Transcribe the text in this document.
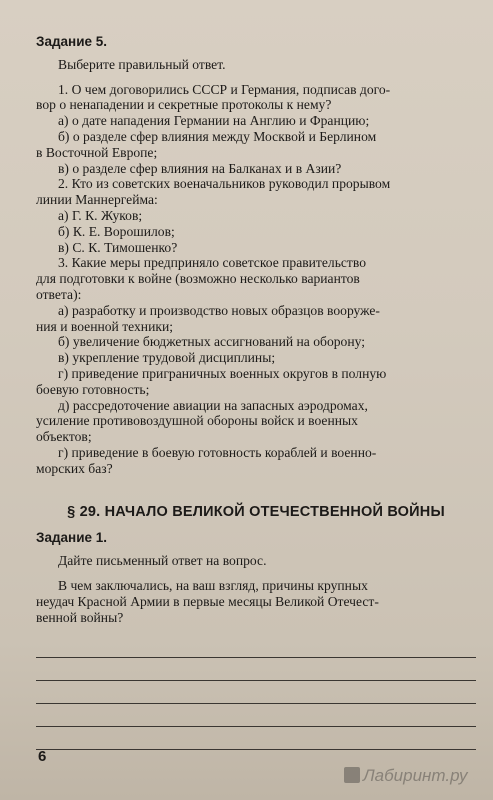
Задание 5.

Выберите правильный ответ.

1. О чем договорились СССР и Германия, подписав дого-

вор о ненападении и секретные протоколы к нему?

а) о дате нападения Германии на Англию и Францию;

б) о разделе сфер влияния между Москвой и Берлином

в Восточной Европе;

в) о разделе сфер влияния на Балканах и в Азии?

2. Кто из советских военачальников руководил прорывом

линии Маннергейма:

а) Г. К. Жуков;

б) К. Е. Ворошилов;

в) С. К. Тимошенко?

3. Какие меры предприняло советское правительство

для подготовки к войне (возможно несколько вариантов

ответа):

а) разработку и производство новых образцов вооруже-

ния и военной техники;

б) увеличение бюджетных ассигнований на оборону;

в) укрепление трудовой дисциплины;

г) приведение приграничных военных округов в полную

боевую готовность;

д) рассредоточение авиации на запасных аэродромах,

усиление противовоздушной обороны войск и военных

объектов;

г) приведение в боевую готовность кораблей и военно-

морских баз?

§ 29. НАЧАЛО ВЕЛИКОЙ ОТЕЧЕСТВЕННОЙ ВОЙНЫ

Задание 1.

Дайте письменный ответ на вопрос.

В чем заключались, на ваш взгляд, причины крупных

неудач Красной Армии в первые месяцы Великой Отечест-

венной войны?

6
Лабиринт.ру
